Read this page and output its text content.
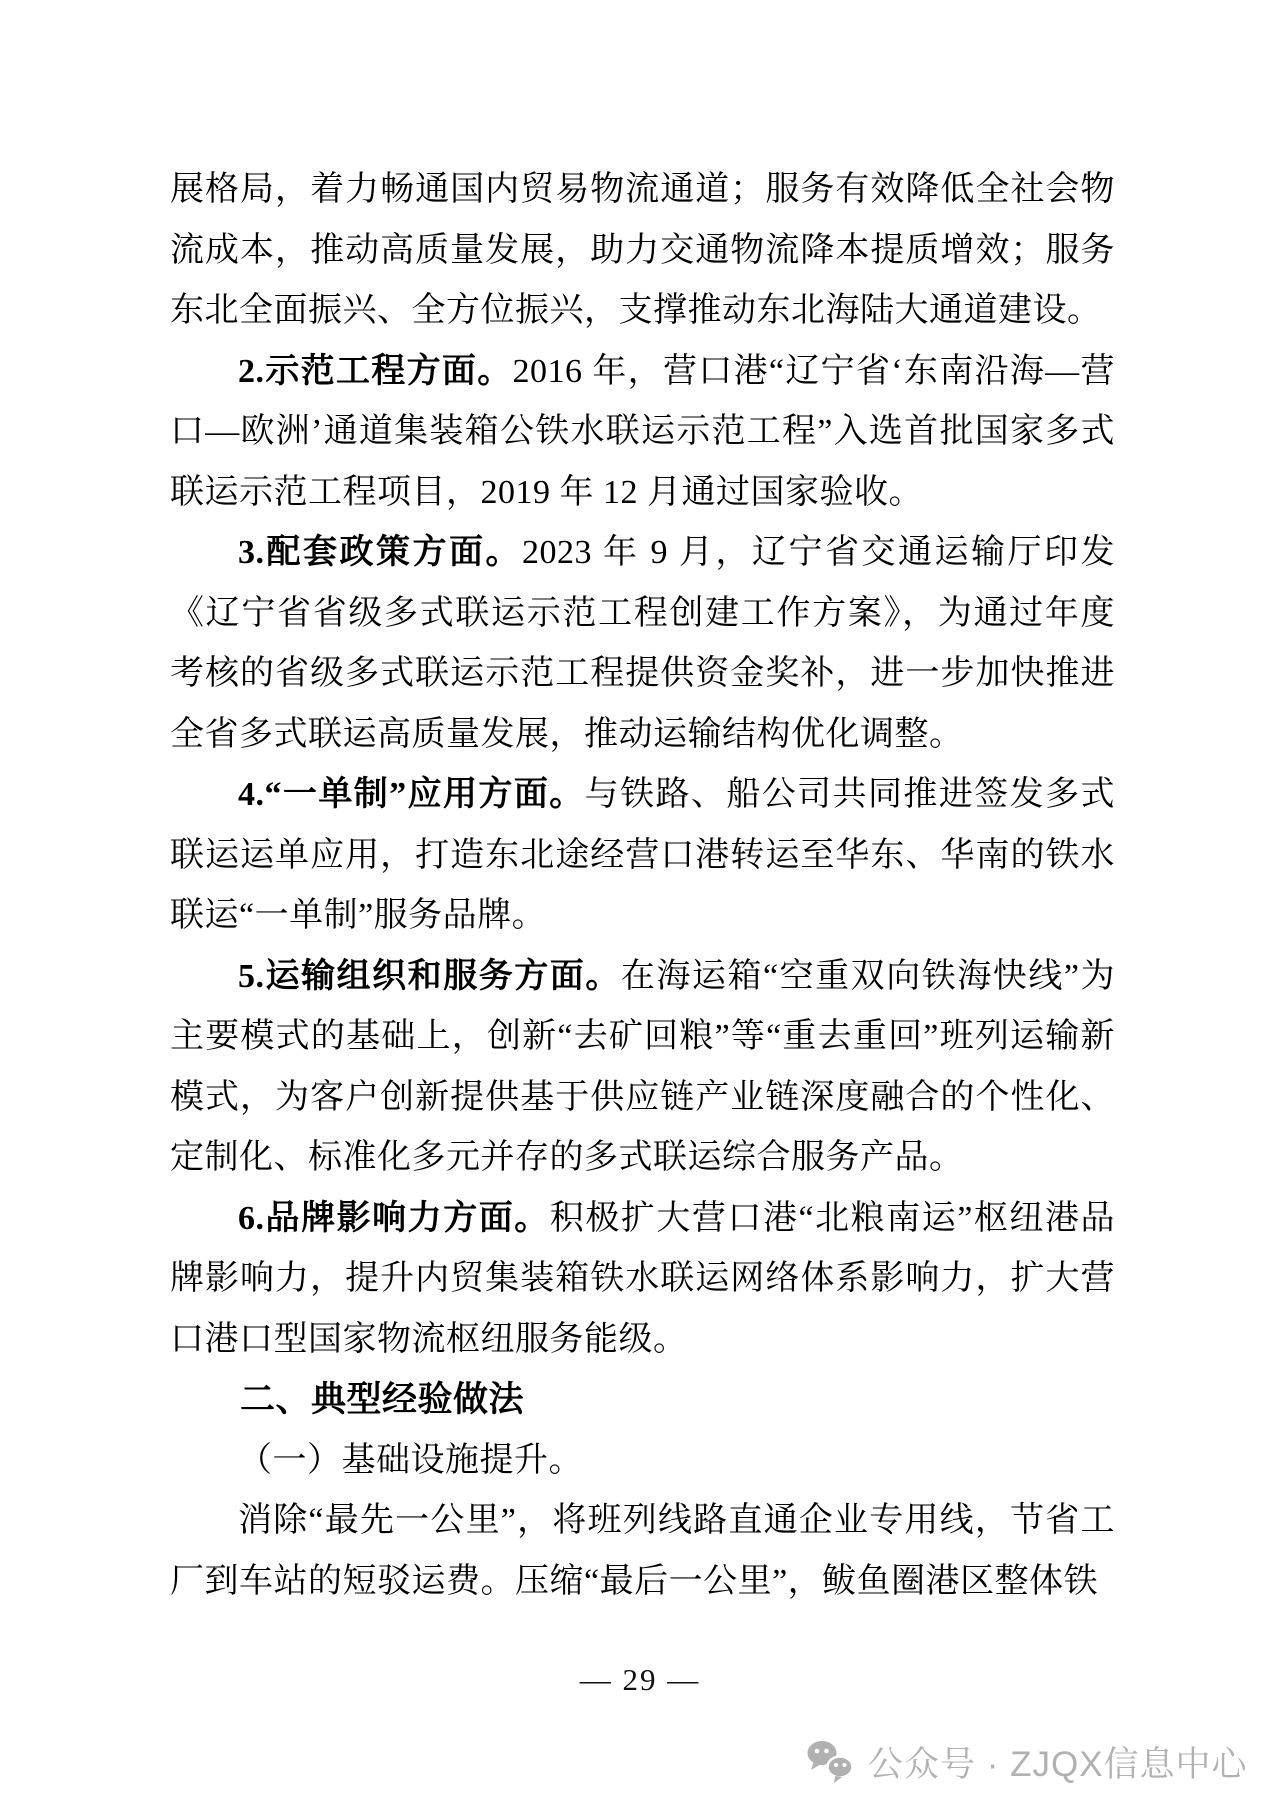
展格局，着力畅通国内贸易物流通道；服务有效降低全社会物流成本，推动高质量发展，助力交通物流降本提质增效；服务东北全面振兴、全方位振兴，支撑推动东北海陆大通道建设。

2.示范工程方面。2016 年，营口港“辽宁省‘东南沿海—营口—欧洲’通道集装箱公铁水联运示范工程”入选首批国家多式联运示范工程项目，2019 年 12 月通过国家验收。

3.配套政策方面。2023 年 9 月，辽宁省交通运输厅印发《辽宁省省级多式联运示范工程创建工作方案》，为通过年度考核的省级多式联运示范工程提供资金奖补，进一步加快推进全省多式联运高质量发展，推动运输结构优化调整。

4.“一单制”应用方面。与铁路、船公司共同推进签发多式联运运单应用，打造东北途经营口港转运至华东、华南的铁水联运“一单制”服务品牌。

5.运输组织和服务方面。在海运箱“空重双向铁海快线”为主要模式的基础上，创新“去矿回粮”等“重去重回”班列运输新模式，为客户创新提供基于供应链产业链深度融合的个性化、定制化、标准化多元并存的多式联运综合服务产品。

6.品牌影响力方面。积极扩大营口港“北粮南运”枢纽港品牌影响力，提升内贸集装箱铁水联运网络体系影响力，扩大营口港口型国家物流枢纽服务能级。

二、典型经验做法

（一）基础设施提升。

消除“最先一公里”，将班列线路直通企业专用线，节省工厂到车站的短驳运费。压缩“最后一公里”，鲅鱼圈港区整体铁

— 29 —
公众号 · ZJQX信息中心
